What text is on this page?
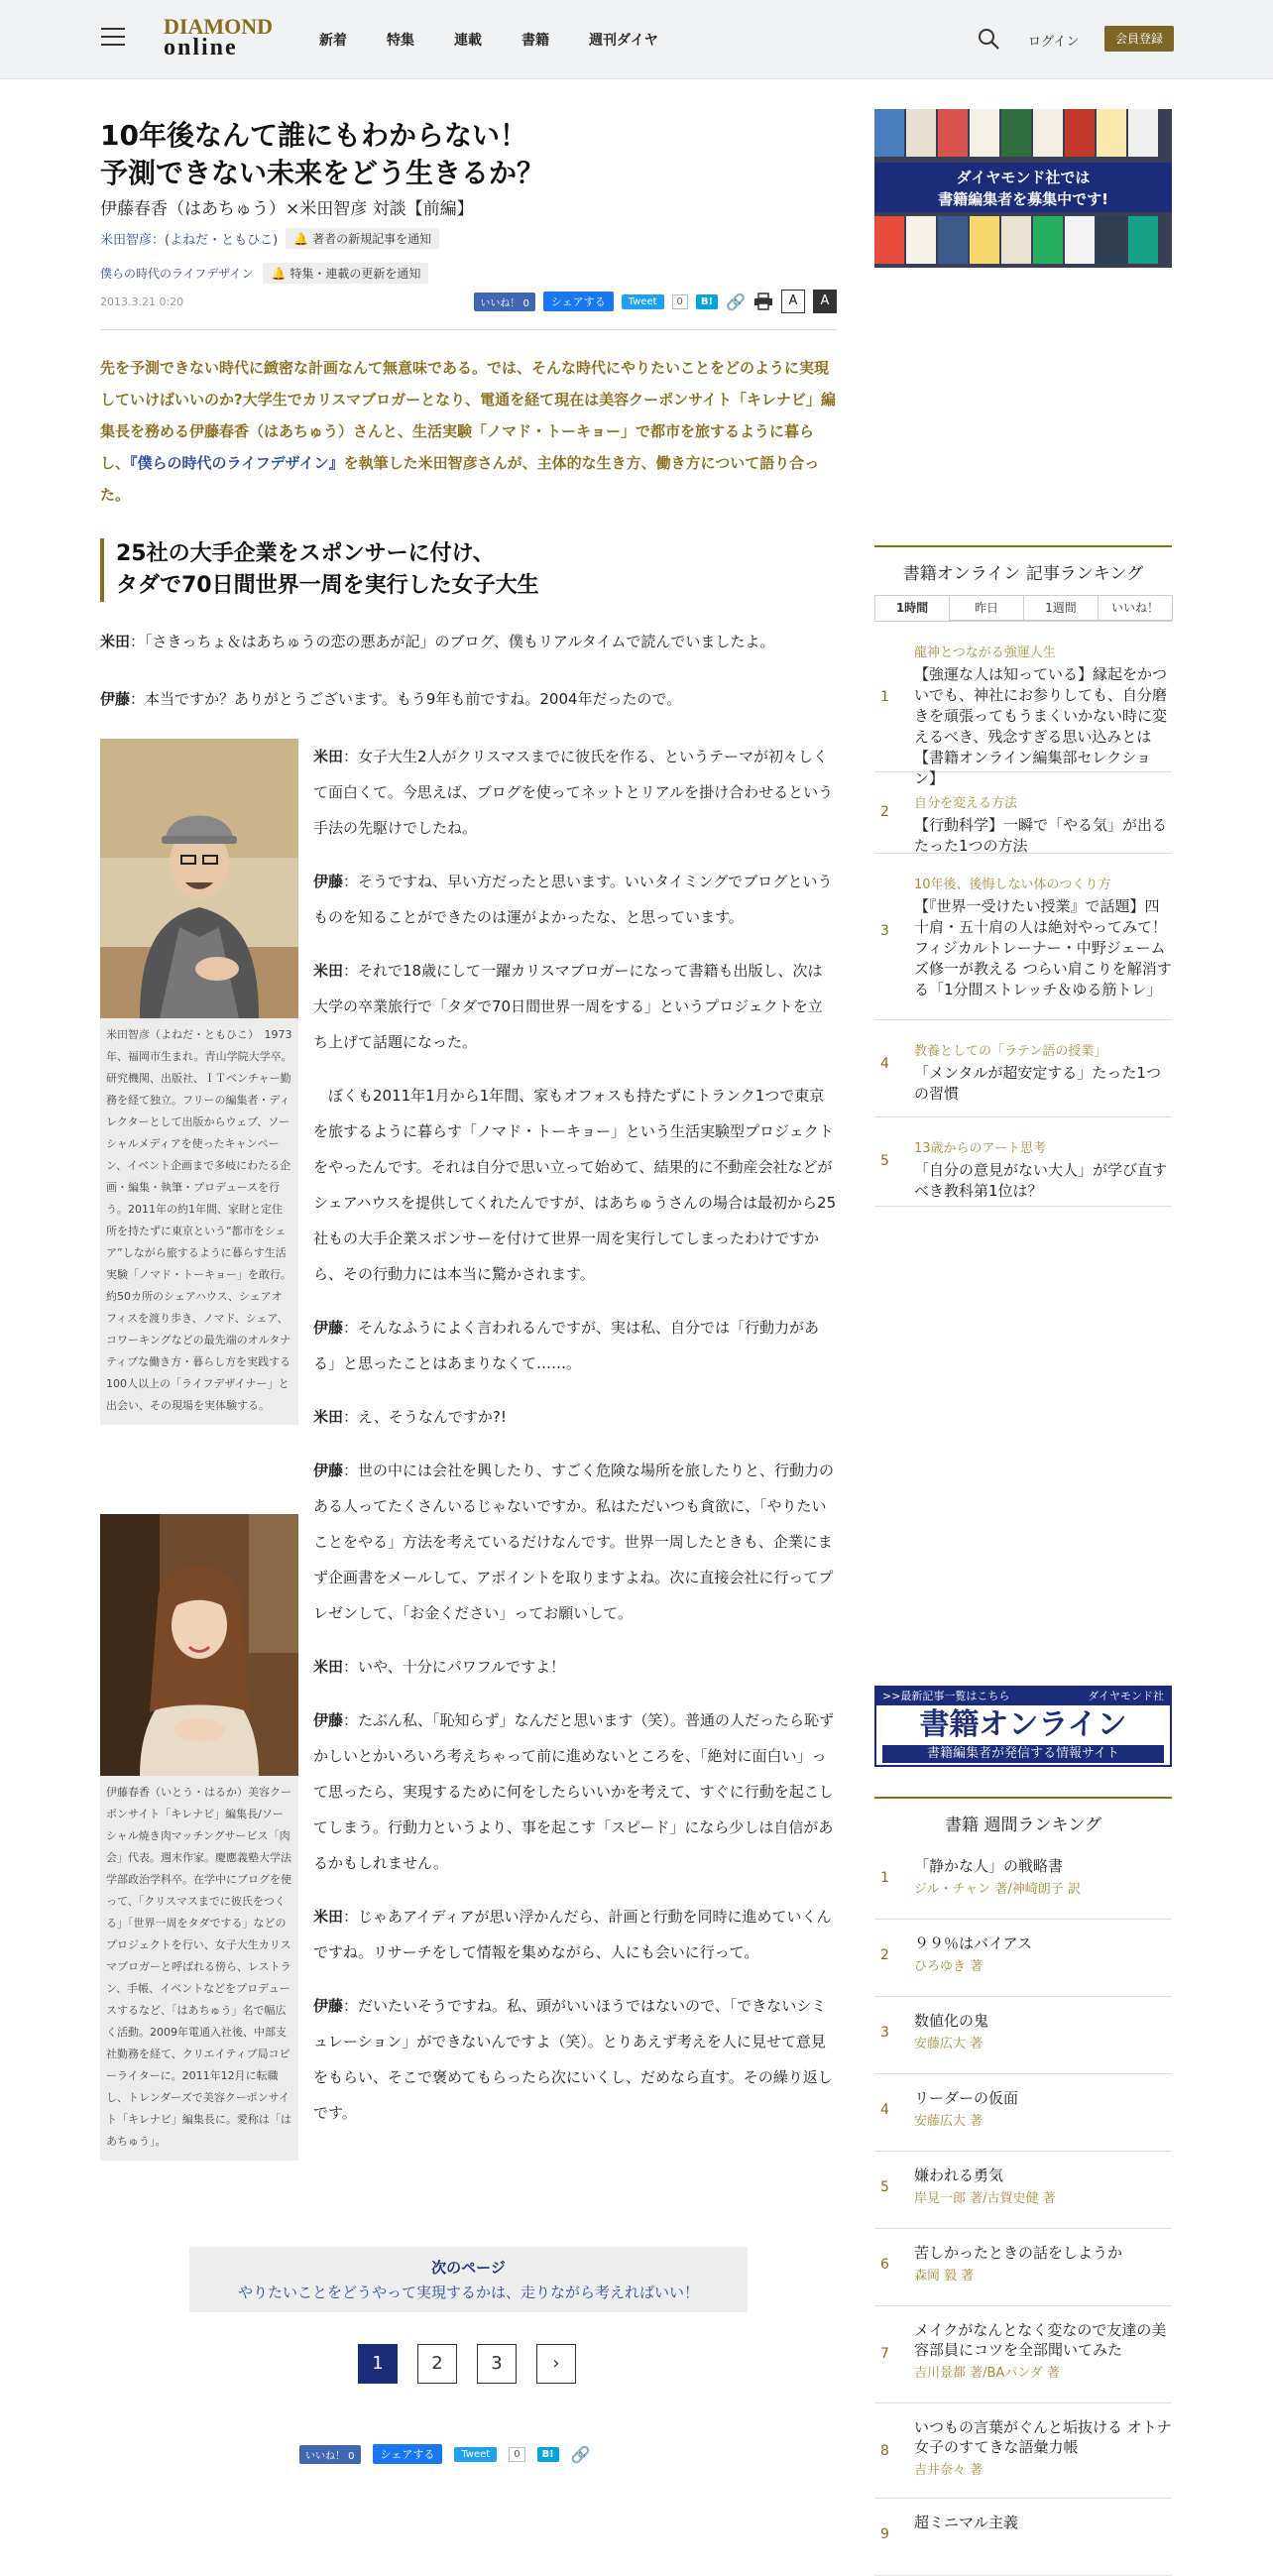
DIAMOND
online	新着	特集	連載	書籍	週刊ダイヤ	ログイン	会員登録
10年後なんて誰にもわからない！
予測できない未来をどう生きるか？
伊藤春香（はあちゅう）×米田智彦 対談【前編】
米田智彦：(よねだ・ともひこ) 🔔 著者の新規記事を通知
僕らの時代のライフデザイン 🔔 特集・連載の更新を通知
2013.3.21 0:20	いいね！ 0	シェアする	Tweet	0	B! 🔗	A	A
先を予測できない時代に緻密な計画なんて無意味である。では、そんな時代にやりたいことをどのように実現していけばいいのか?大学生でカリスマブロガーとなり、電通を経て現在は美容クーポンサイト「キレナビ」編集長を務める伊藤春香（はあちゅう）さんと、生活実験「ノマド・トーキョー」で都市を旅するように暮らし、『僕らの時代のライフデザイン』を執筆した米田智彦さんが、主体的な生き方、働き方について語り合った。
25社の大手企業をスポンサーに付け、
タダで70日間世界一周を実行した女子大生

米田：「さきっちょ＆はあちゅうの恋の悪あが記」のブログ、僕もリアルタイムで読んでいましたよ。

伊藤：本当ですか？ありがとうございます。もう9年も前ですね。2004年だったので。

米田智彦（よねだ・ともひこ）　1973年、福岡市生まれ。青山学院大学卒。研究機関、出版社、ＩＴベンチャー勤務を経て独立。フリーの編集者・ディレクターとして出版からウェブ、ソーシャルメディアを使ったキャンペーン、イベント企画まで多岐にわたる企画・編集・執筆・プロデュースを行う。2011年の約1年間、家財と定住所を持たずに東京という“都市をシェア”しながら旅するように暮らす生活実験「ノマド・トーキョー」を敢行。約50カ所のシェアハウス、シェアオフィスを渡り歩き、ノマド、シェア、コワーキングなどの最先端のオルタナティブな働き方・暮らし方を実践する100人以上の「ライフデザイナー」と出会い、その現場を実体験する。
伊藤春香（いとう・はるか）美容クーポンサイト「キレナビ」編集長/ソーシャル焼き肉マッチングサービス「肉会」代表。週末作家。慶應義塾大学法学部政治学科卒。在学中にブログを使って、「クリスマスまでに彼氏をつくる」「世界一周をタダでする」などのプロジェクトを行い、女子大生カリスマブロガーと呼ばれる傍ら、レストラン、手帳、イベントなどをプロデュースするなど、「はあちゅう」名で幅広く活動。2009年電通入社後、中部支社勤務を経て、クリエイティブ局コピーライターに。2011年12月に転職し、トレンダーズで美容クーポンサイト「キレナビ」編集長に。愛称は「はあちゅう」。

米田：女子大生2人がクリスマスまでに彼氏を作る、というテーマが初々しくて面白くて。今思えば、ブログを使ってネットとリアルを掛け合わせるという手法の先駆けでしたね。

伊藤：そうですね、早い方だったと思います。いいタイミングでブログというものを知ることができたのは運がよかったな、と思っています。

米田：それで18歳にして一躍カリスマブロガーになって書籍も出版し、次は大学の卒業旅行で「タダで70日間世界一周をする」というプロジェクトを立ち上げて話題になった。

ぼくも2011年1月から1年間、家もオフォスも持たずにトランク1つで東京を旅するように暮らす「ノマド・トーキョー」という生活実験型プロジェクトをやったんです。それは自分で思い立って始めて、結果的に不動産会社などがシェアハウスを提供してくれたんですが、はあちゅうさんの場合は最初から25社もの大手企業スポンサーを付けて世界一周を実行してしまったわけですから、その行動力には本当に驚かされます。

伊藤：そんなふうによく言われるんですが、実は私、自分では「行動力がある」と思ったことはあまりなくて……。

米田：え、そうなんですか?!

伊藤：世の中には会社を興したり、すごく危険な場所を旅したりと、行動力のある人ってたくさんいるじゃないですか。私はただいつも貪欲に、「やりたいことをやる」方法を考えているだけなんです。世界一周したときも、企業にまず企画書をメールして、アポイントを取りますよね。次に直接会社に行ってプレゼンして、「お金ください」ってお願いして。

米田：いや、十分にパワフルですよ！

伊藤：たぶん私、「恥知らず」なんだと思います（笑）。普通の人だったら恥ずかしいとかいろいろ考えちゃって前に進めないところを、「絶対に面白い」って思ったら、実現するために何をしたらいいかを考えて、すぐに行動を起こしてしまう。行動力というより、事を起こす「スピード」になら少しは自信があるかもしれません。

米田：じゃあアイディアが思い浮かんだら、計画と行動を同時に進めていくんですね。リサーチをして情報を集めながら、人にも会いに行って。

伊藤：だいたいそうですね。私、頭がいいほうではないので、「できないシミュレーション」ができないんですよ（笑）。とりあえず考えを人に見せて意見をもらい、そこで褒めてもらったら次にいくし、だめなら直す。その繰り返しです。

次のページ
やりたいことをどうやって実現するかは、走りながら考えればいい！
1	2	3	›
いいね！ 0	シェアする	Tweet	0	B!	🔗
ダイヤモンド社では
書籍編集者を募集中です!
書籍オンライン 記事ランキング
1時間	昨日	1週間	いいね！
1
龍神とつながる強運人生
【強運な人は知っている】縁起をかついでも、神社にお参りしても、自分磨きを頑張ってもうまくいかない時に変えるべき、残念すぎる思い込みとは【書籍オンライン編集部セレクション】
2
自分を変える方法
【行動科学】一瞬で「やる気」が出るたった1つの方法
3
10年後、後悔しない体のつくり方
【『世界一受けたい授業』で話題】四十肩・五十肩の人は絶対やってみて！ フィジカルトレーナー・中野ジェームズ修一が教える つらい肩こりを解消する「1分間ストレッチ＆ゆる筋トレ」
4
教養としての「ラテン語の授業」
「メンタルが超安定する」たった1つの習慣
5
13歳からのアート思考
「自分の意見がない大人」が学び直すべき教科第1位は？
>>最新記事一覧はこちら	ダイヤモンド社
書籍オンライン
書籍編集者が発信する情報サイト
書籍 週間ランキング
1
「静かな人」の戦略書
ジル・チャン 著/神崎朗子 訳
2
９９％はバイアス
ひろゆき 著
3
数値化の鬼
安藤広大 著
4
リーダーの仮面
安藤広大 著
5
嫌われる勇気
岸見一郎 著/古賀史健 著
6
苦しかったときの話をしようか
森岡 毅 著
7
メイクがなんとなく変なので友達の美容部員にコツを全部聞いてみた
吉川景都 著/BAパンダ 著
8
いつもの言葉がぐんと垢抜ける オトナ女子のすてきな語彙力帳
吉井奈々 著
9
超ミニマル主義
